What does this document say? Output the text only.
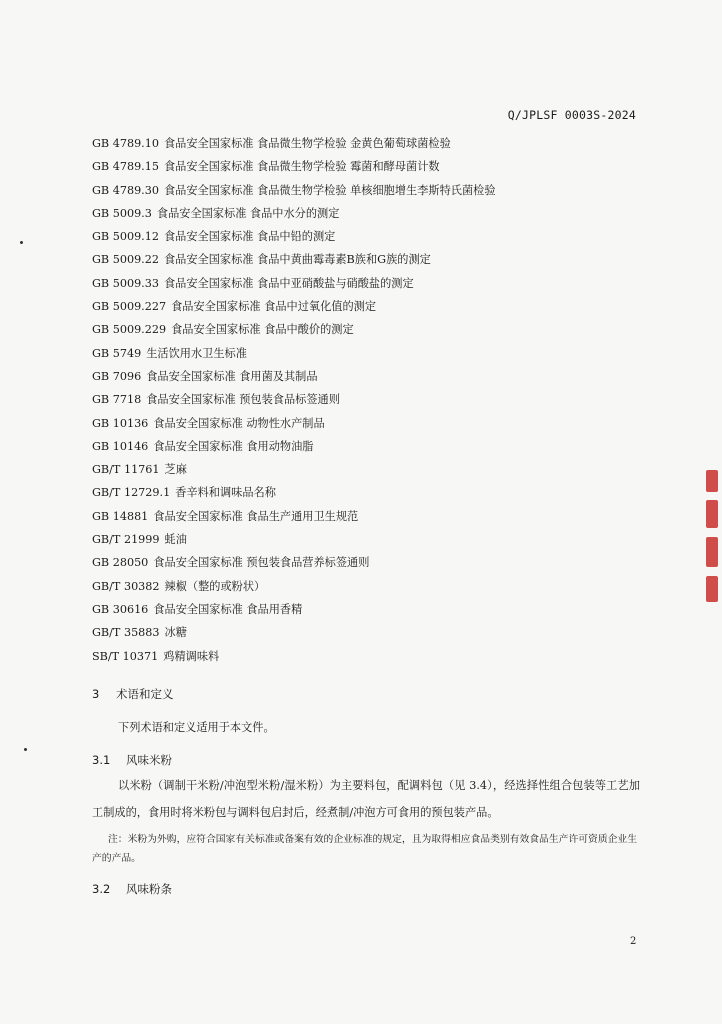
Q/JPLSF 0003S-2024
GB 4789.10 食品安全国家标准 食品微生物学检验 金黄色葡萄球菌检验
GB 4789.15 食品安全国家标准 食品微生物学检验 霉菌和酵母菌计数
GB 4789.30 食品安全国家标准 食品微生物学检验 单核细胞增生李斯特氏菌检验
GB 5009.3 食品安全国家标准 食品中水分的测定
GB 5009.12 食品安全国家标准 食品中铅的测定
GB 5009.22 食品安全国家标准 食品中黄曲霉毒素B族和G族的测定
GB 5009.33 食品安全国家标准 食品中亚硝酸盐与硝酸盐的测定
GB 5009.227 食品安全国家标准 食品中过氧化值的测定
GB 5009.229 食品安全国家标准 食品中酸价的测定
GB 5749 生活饮用水卫生标准
GB 7096 食品安全国家标准 食用菌及其制品
GB 7718 食品安全国家标准 预包装食品标签通则
GB 10136 食品安全国家标准 动物性水产制品
GB 10146 食品安全国家标准 食用动物油脂
GB/T 11761 芝麻
GB/T 12729.1 香辛料和调味品名称
GB 14881 食品安全国家标准 食品生产通用卫生规范
GB/T 21999 蚝油
GB 28050 食品安全国家标准 预包装食品营养标签通则
GB/T 30382 辣椒（整的或粉状）
GB 30616 食品安全国家标准 食品用香精
GB/T 35883 冰糖
SB/T 10371 鸡精调味料
3 术语和定义
下列术语和定义适用于本文件。
3.1 风味米粉
以米粉（调制干米粉/冲泡型米粉/湿米粉）为主要料包，配调料包（见 3.4），经选择性组合包装等工艺加工制成的，食用时将米粉包与调料包启封后，经煮制/冲泡方可食用的预包装产品。
注：米粉为外购，应符合国家有关标准或备案有效的企业标准的规定，且为取得相应食品类别有效食品生产许可资质企业生产的产品。
3.2 风味粉条
2
